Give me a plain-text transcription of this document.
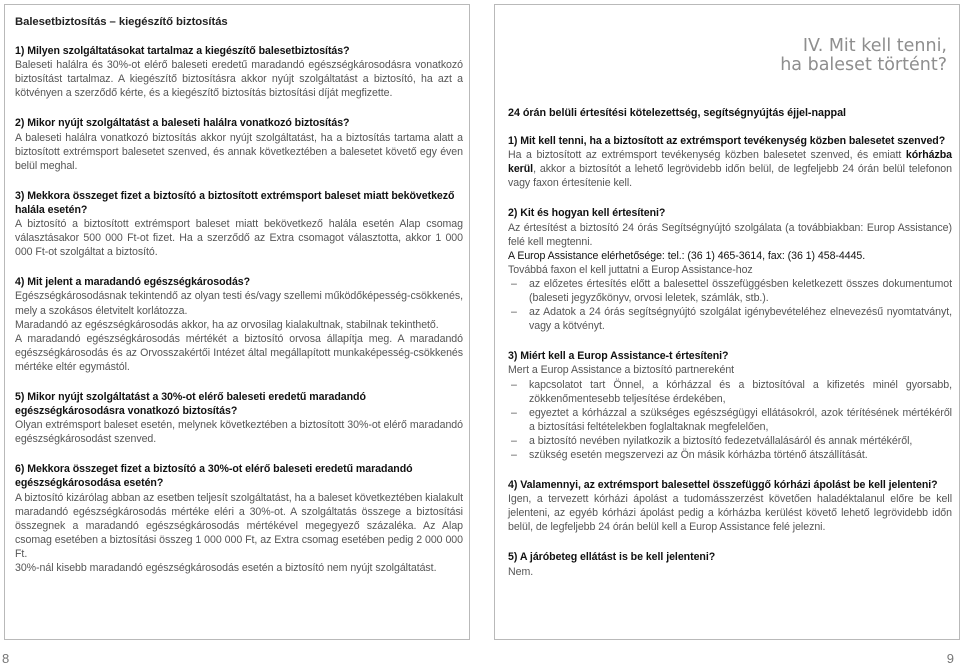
Balesetbiztosítás – kiegészítő biztosítás
1) Milyen szolgáltatásokat tartalmaz a kiegészítő balesetbiztosítás?
Baleseti halálra és 30%-ot elérő baleseti eredetű maradandó egészségkárosodásra vonatkozó biztosítást tartalmaz. A kiegészítő biztosításra akkor nyújt szolgáltatást a biztosító, ha azt a kötvényen a szerződő kérte, és a kiegészítő biztosítás biztosítási díját megfizette.
2) Mikor nyújt szolgáltatást a baleseti halálra vonatkozó biztosítás?
A baleseti halálra vonatkozó biztosítás akkor nyújt szolgáltatást, ha a biztosítás tartama alatt a biztosított extrémsport balesetet szenved, és annak következtében a balesetet követő egy éven belül meghal.
3) Mekkora összeget fizet a biztosító a biztosított extrémsport baleset miatt bekövetkező halála esetén?
A biztosító a biztosított extrémsport baleset miatt bekövetkező halála esetén Alap csomag választásakor 500 000 Ft-ot fizet. Ha a szerződő az Extra csomagot választotta, akkor 1 000 000 Ft-ot szolgáltat a biztosító.
4) Mit jelent a maradandó egészségkárosodás?

Egészségkárosodásnak tekintendő az olyan testi és/vagy szellemi működőképesség-csökkenés, mely a szokásos életvitelt korlátozza.

Maradandó az egészségkárosodás akkor, ha az orvosilag kialakultnak, stabilnak tekinthető.

A maradandó egészségkárosodás mértékét a biztosító orvosa állapítja meg. A maradandó egészségkárosodás és az Orvosszakértői Intézet által megállapított munkaképesség-csökkenés mértéke eltér egymástól.

5) Mikor nyújt szolgáltatást a 30%-ot elérő baleseti eredetű maradandó egészségkárosodásra vonatkozó biztosítás?
Olyan extrémsport baleset esetén, melynek következtében a biztosított 30%-ot elérő maradandó egészségkárosodást szenved.
6) Mekkora összeget fizet a biztosító a 30%-ot elérő baleseti eredetű maradandó egészségkárosodása esetén?

A biztosító kizárólag abban az esetben teljesít szolgáltatást, ha a baleset következtében kialakult maradandó egészségkárosodás mértéke eléri a 30%-ot. A szolgáltatás összege a biztosítási összegnek a maradandó egészségkárosodás mértékével megegyező százaléka. Az Alap csomag esetében a biztosítási összeg 1 000 000 Ft, az Extra csomag esetében pedig 2 000 000 Ft.

30%-nál kisebb maradandó egészségkárosodás esetén a biztosító nem nyújt szolgáltatást.

IV. Mit kell tenni,
ha baleset történt?
24 órán belüli értesítési kötelezettség, segítségnyújtás éjjel-nappal
1) Mit kell tenni, ha a biztosított az extrémsport tevékenység közben balesetet szenved?
Ha a biztosított az extrémsport tevékenység közben balesetet szenved, és emiatt kórházba kerül, akkor a biztosítót a lehető legrövidebb időn belül, de legfeljebb 24 órán belül telefonon vagy faxon értesítenie kell.
2) Kit és hogyan kell értesíteni?

Az értesítést a biztosító 24 órás Segítségnyújtó szolgálata (a továbbiakban: Europ Assistance) felé kell megtenni.

A Europ Assistance elérhetősége: tel.: (36 1) 465-3614, fax: (36 1) 458-4445.

Továbbá faxon el kell juttatni a Europ Assistance-hoz

– az előzetes értesítés előtt a balesettel összefüggésben keletkezett összes dokumentumot (baleseti jegyzőkönyv, orvosi leletek, számlák, stb.).
– az Adatok a 24 órás segítségnyújtó szolgálat igénybevételéhez elnevezésű nyomtatványt, vagy a kötvényt.
3) Miért kell a Europ Assistance-t értesíteni?

Mert a Europ Assistance a biztosító partnereként

– kapcsolatot tart Önnel, a kórházzal és a biztosítóval a kifizetés minél gyorsabb, zökkenőmentesebb teljesítése érdekében,
– egyeztet a kórházzal a szükséges egészségügyi ellátásokról, azok térítésének mértékéről a biztosítási feltételekben foglaltaknak megfelelően,
– a biztosító nevében nyilatkozik a biztosító fedezetvállalásáról és annak mértékéről,
– szükség esetén megszervezi az Ön másik kórházba történő átszállítását.
4) Valamennyi, az extrémsport balesettel összefüggő kórházi ápolást be kell jelenteni?
Igen, a tervezett kórházi ápolást a tudomásszerzést követően haladéktalanul előre be kell jelenteni, az egyéb kórházi ápolást pedig a kórházba kerülést követő lehető legrövidebb időn belül, de legfeljebb 24 órán belül kell a Europ Assistance felé jelezni.
5) A járóbeteg ellátást is be kell jelenteni?
Nem.
8	9
